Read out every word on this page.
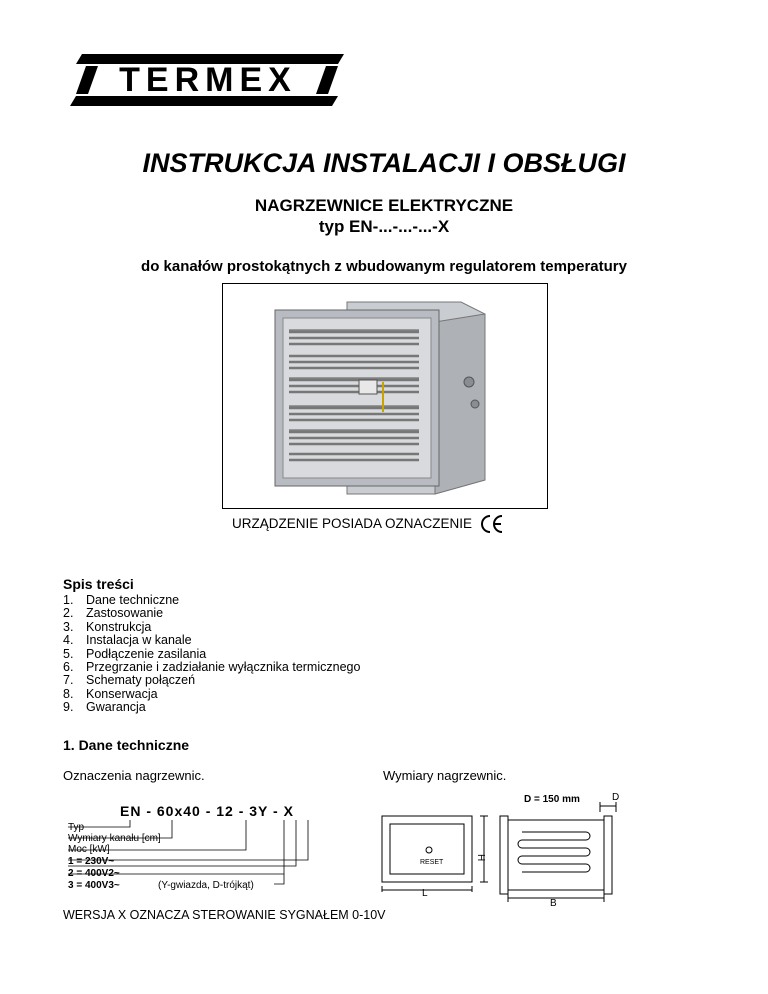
TERMEX
INSTRUKCJA INSTALACJI I OBSŁUGI
NAGRZEWNICE ELEKTRYCZNE
typ EN-...-...-...-X
do kanałów prostokątnych z wbudowanym regulatorem temperatury
URZĄDZENIE POSIADA OZNACZENIE
Spis treści
1. Dane techniczne
2. Zastosowanie
3. Konstrukcja
4. Instalacja w kanale
5. Podłączenie zasilania
6. Przegrzanie i zadziałanie wyłącznika termicznego
7. Schematy połączeń
8. Konserwacja
9. Gwarancja
1. Dane techniczne
Oznaczenia nagrzewnic.	Wymiary nagrzewnic.
EN - 60x40 - 12 - 3Y - X
Typ
Wymiary kanału [cm]
Moc [kW]
1 = 230V~
2 = 400V2~
3 = 400V3~	(Y-gwiazda, D-trójkąt)
D = 150 mm	D
RESET
L
B
H
WERSJA X OZNACZA STEROWANIE SYGNAŁEM 0-10V
